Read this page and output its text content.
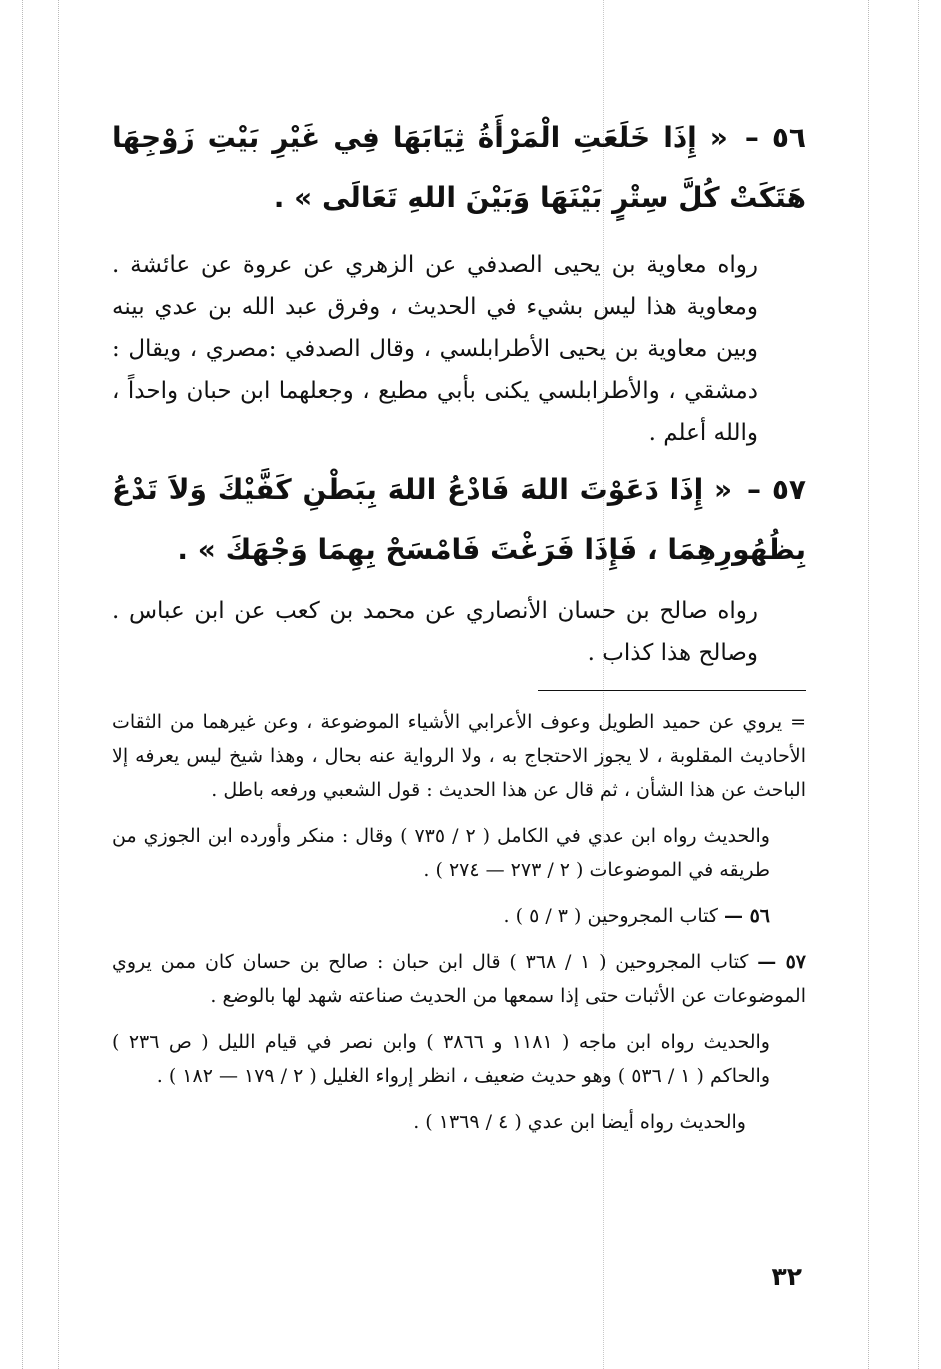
٥٦ – « إِذَا خَلَعَتِ الْمَرْأَةُ ثِيَابَهَا فِي غَيْرِ بَيْتِ زَوْجِهَا هَتَكَتْ كُلَّ سِتْرٍ بَيْنَهَا وَبَيْنَ اللهِ تَعَالَى » .

رواه معاوية بن يحيى الصدفي عن الزهري عن عروة عن عائشة . ومعاوية هذا ليس بشيء في الحديث ، وفرق عبد الله بن عدي بينه وبين معاوية بن يحيى الأطرابلسي ، وقال الصدفي :مصري ، ويقال : دمشقي ، والأطرابلسي يكنى بأبي مطيع ، وجعلهما ابن حبان واحداً ، والله أعلم .

٥٧ – « إِذَا دَعَوْتَ اللهَ فَادْعُ اللهَ بِبَطْنِ كَفَّيْكَ وَلاَ تَدْعُ بِظُهُورِهِمَا ، فَإِذَا فَرَغْتَ فَامْسَحْ بِهِمَا وَجْهَكَ » .

رواه صالح بن حسان الأنصاري عن محمد بن كعب عن ابن عباس . وصالح هذا كذاب .

= يروي عن حميد الطويل وعوف الأعرابي الأشياء الموضوعة ، وعن غيرهما من الثقات الأحاديث المقلوبة ، لا يجوز الاحتجاج به ، ولا الرواية عنه بحال ، وهذا شيخ ليس يعرفه إلا الباحث عن هذا الشأن ، ثم قال عن هذا الحديث : قول الشعبي ورفعه باطل .

والحديث رواه ابن عدي في الكامل ( ٢ / ٧٣٥ ) وقال : منكر وأورده ابن الجوزي من طريقه في الموضوعات ( ٢ / ٢٧٣ — ٢٧٤ ) .

٥٦ — كتاب المجروحين ( ٣ / ٥ ) .

٥٧ — كتاب المجروحين ( ١ / ٣٦٨ ) قال ابن حبان : صالح بن حسان كان ممن يروي الموضوعات عن الأثبات حتى إذا سمعها من الحديث صناعته شهد لها بالوضع .

والحديث رواه ابن ماجه ( ١١٨١ و ٣٨٦٦ ) وابن نصر في قيام الليل ( ص ٢٣٦ ) والحاكم ( ١ / ٥٣٦ ) وهو حديث ضعيف ، انظر إرواء الغليل ( ٢ / ١٧٩ — ١٨٢ ) .

والحديث رواه أيضا ابن عدي ( ٤ / ١٣٦٩ ) .

٣٢
